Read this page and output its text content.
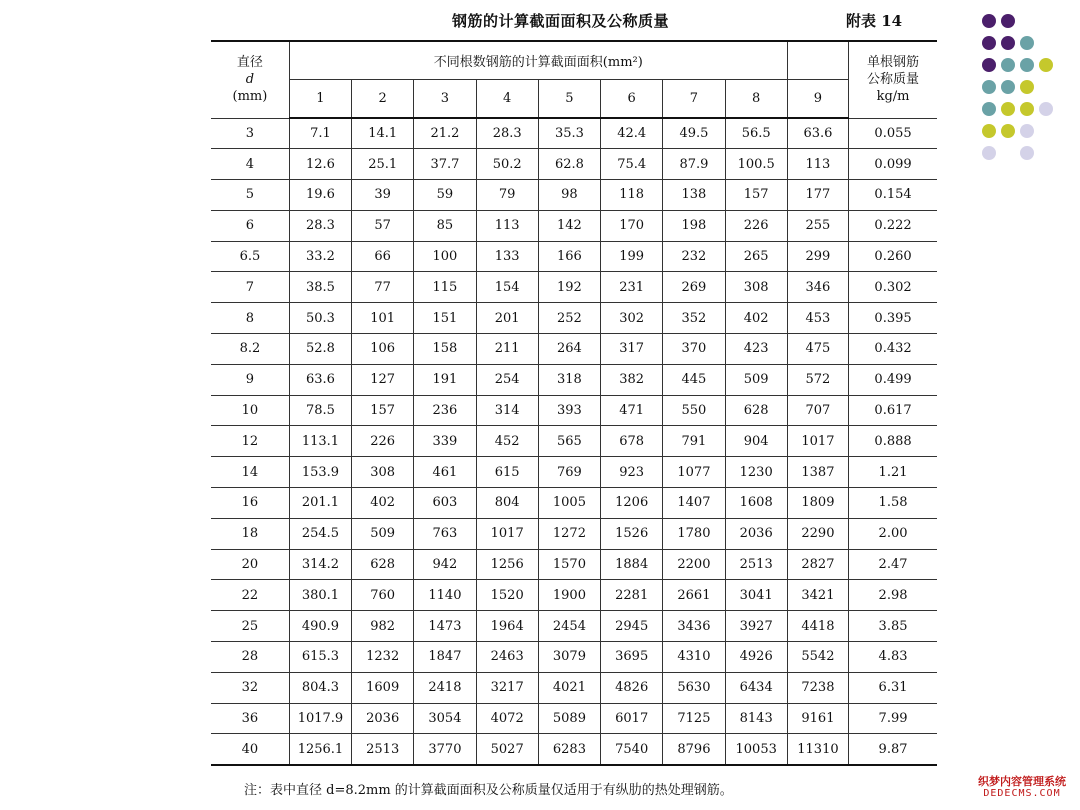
钢筋的计算截面面积及公称质量	附表 14
直径
d
(mm)	不同根数钢筋的计算截面面积(mm²)									单根钢筋
公称质量
kg/m
	1	2	3	4	5	6	7	8	9	
3	7.1	14.1	21.2	28.3	35.3	42.4	49.5	56.5	63.6	0.055
4	12.6	25.1	37.7	50.2	62.8	75.4	87.9	100.5	113	0.099
5	19.6	39	59	79	98	118	138	157	177	0.154
6	28.3	57	85	113	142	170	198	226	255	0.222
6.5	33.2	66	100	133	166	199	232	265	299	0.260
7	38.5	77	115	154	192	231	269	308	346	0.302
8	50.3	101	151	201	252	302	352	402	453	0.395
8.2	52.8	106	158	211	264	317	370	423	475	0.432
9	63.6	127	191	254	318	382	445	509	572	0.499
10	78.5	157	236	314	393	471	550	628	707	0.617
12	113.1	226	339	452	565	678	791	904	1017	0.888
14	153.9	308	461	615	769	923	1077	1230	1387	1.21
16	201.1	402	603	804	1005	1206	1407	1608	1809	1.58
18	254.5	509	763	1017	1272	1526	1780	2036	2290	2.00
20	314.2	628	942	1256	1570	1884	2200	2513	2827	2.47
22	380.1	760	1140	1520	1900	2281	2661	3041	3421	2.98
25	490.9	982	1473	1964	2454	2945	3436	3927	4418	3.85
28	615.3	1232	1847	2463	3079	3695	4310	4926	5542	4.83
32	804.3	1609	2418	3217	4021	4826	5630	6434	7238	6.31
36	1017.9	2036	3054	4072	5089	6017	7125	8143	9161	7.99
40	1256.1	2513	3770	5027	6283	7540	8796	10053	11310	9.87
注：表中直径 d=8.2mm 的计算截面面积及公称质量仅适用于有纵肋的热处理钢筋。
织梦内容管理系统
DEDECMS.COM
